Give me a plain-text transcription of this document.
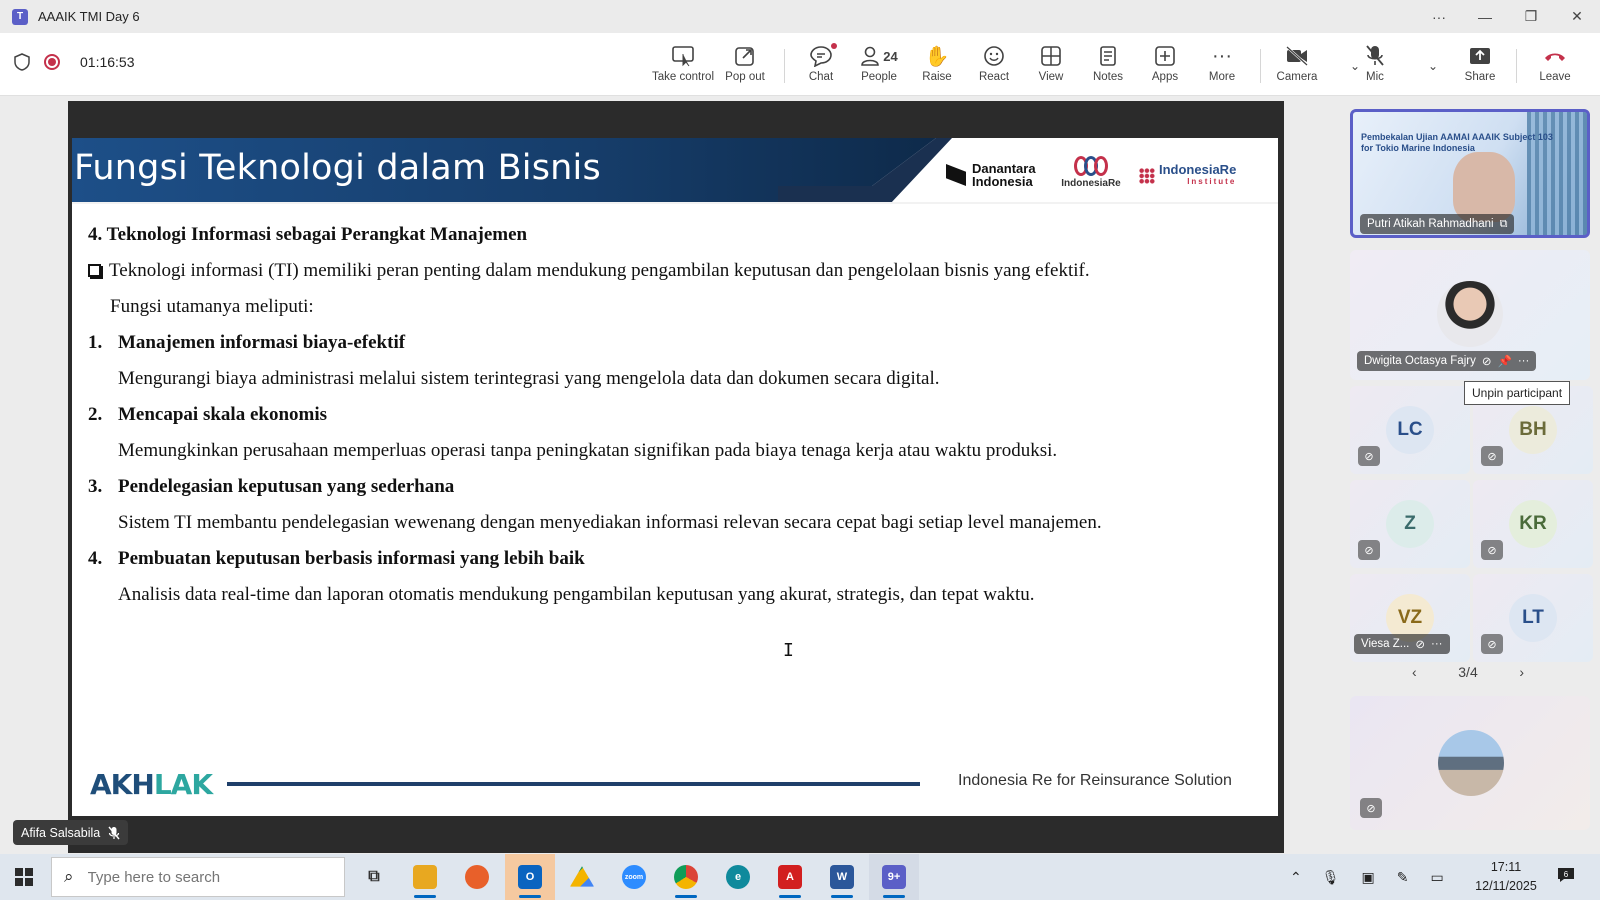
T	AAAIK TMI Day 6	···	—	❐	✕
01:16:53
Take control Pop out	Chat
24
People
✋
Raise React	View	Notes	Apps
···
More	Camera
⌄
Mic
⌄
Share	Leave
Fungsi Teknologi dalam Bisnis	Danantara
Indonesia	IndonesiaRe
IndonesiaRe
Institute
4. Teknologi Informasi sebagai Perangkat Manajemen
Teknologi informasi (TI) memiliki peran penting dalam mendukung pengambilan keputusan dan pengelolaan bisnis yang efektif.
Fungsi utamanya meliputi:
1. Manajemen informasi biaya-efektif
Mengurangi biaya administrasi melalui sistem terintegrasi yang mengelola data dan dokumen secara digital.
2. Mencapai skala ekonomis
Memungkinkan perusahaan memperluas operasi tanpa peningkatan signifikan pada biaya tenaga kerja atau waktu produksi.
3. Pendelegasian keputusan yang sederhana
Sistem TI membantu pendelegasian wewenang dengan menyediakan informasi relevan secara cepat bagi setiap level manajemen.
4. Pembuatan keputusan berbasis informasi yang lebih baik
Analisis data real-time dan laporan otomatis mendukung pengambilan keputusan yang akurat, strategis, dan tepat waktu.
AKHLAK	Indonesia Re for Reinsurance Solution
I
Afifa Salsabila
Pembekalan Ujian AAMAI AAAIK Subject 103 for Tokio Marine Indonesia
Putri Atikah Rahmadhani ⧉
Dwigita Octasya Fajry ⊘ 📌 ···
LC
⊘
BH
⊘
Z
⊘
KR
⊘
VZ
Viesa Z... ⊘ ···
LT
⊘
‹	3/4	›
⊘
Unpin participant
⌕
Type here to search	⧉	O	zoom	e	A	W	9+	⌃ 🎙 ▣ ✎ ▭
17:11
12/11/2025
6
